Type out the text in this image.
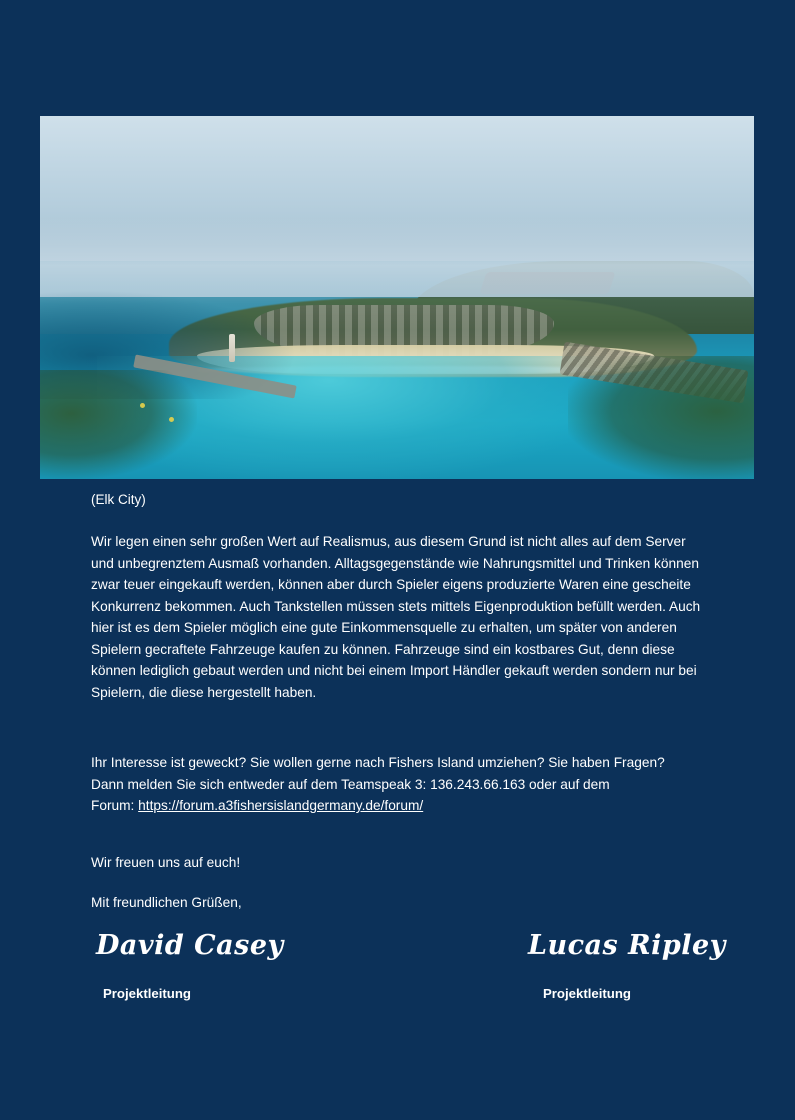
(Elk City)
Wir legen einen sehr großen Wert auf Realismus, aus diesem Grund ist nicht alles auf dem Server und unbegrenztem Ausmaß vorhanden. Alltagsgegenstände wie Nahrungsmittel und Trinken können zwar teuer eingekauft werden, können aber durch Spieler eigens produzierte Waren eine gescheite Konkurrenz bekommen. Auch Tankstellen müssen stets mittels Eigenproduktion befüllt werden. Auch hier ist es dem Spieler möglich eine gute Einkommensquelle zu erhalten, um später von anderen Spielern gecraftete Fahrzeuge kaufen zu können. Fahrzeuge sind ein kostbares Gut, denn diese können lediglich gebaut werden und nicht bei einem Import Händler gekauft werden sondern nur bei Spielern, die diese hergestellt haben.
Ihr Interesse ist geweckt? Sie wollen gerne nach Fishers Island umziehen? Sie haben Fragen?
Dann melden Sie sich entweder auf dem Teamspeak 3: 136.243.66.163 oder auf dem
Forum: https://forum.a3fishersislandgermany.de/forum/
Wir freuen uns auf euch!
Mit freundlichen Grüßen,
David Casey
Projektleitung
Lucas Ripley
Projektleitung
